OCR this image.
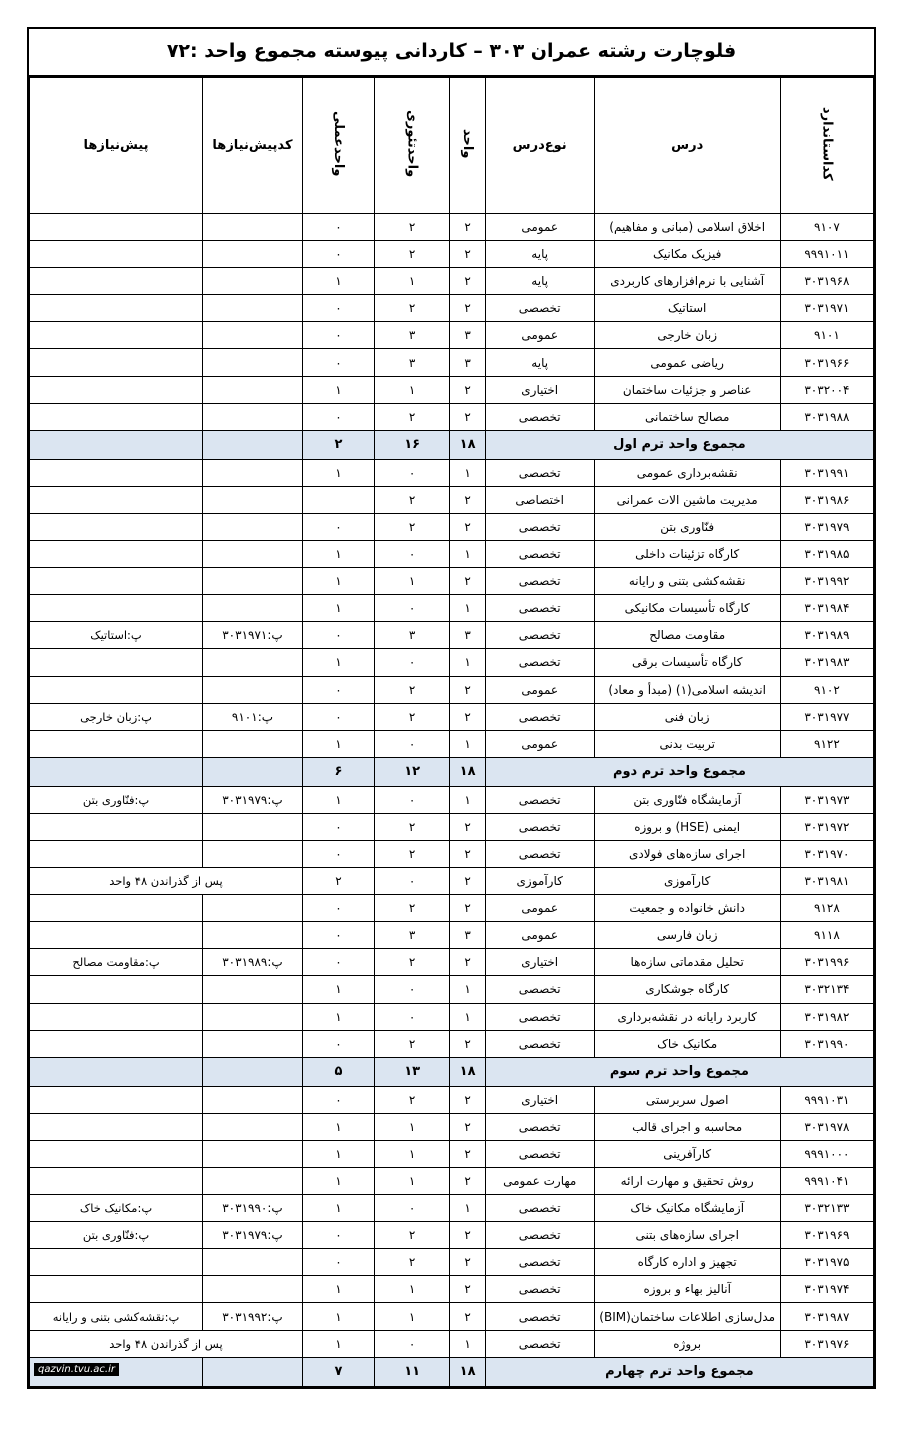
فلوچارت رشته عمران ۳۰۳ – کاردانی پیوسته مجموع واحد :۷۲
کداستاندارد	درس	نوع‌درس	واحد	واحدتئوری	واحدعملی	کدپیش‌نیازها	پیش‌نیازها
۹۱۰۷	اخلاق اسلامی (مبانی و مفاهیم)	عمومی	۲	۲	۰		
۹۹۹۱۰۱۱	فیزیک مکانیک	پایه	۲	۲	۰		
۳۰۳۱۹۶۸	آشنایی با نرم‌افزارهای کاربردی	پایه	۲	۱	۱		
۳۰۳۱۹۷۱	استاتیک	تخصصی	۲	۲	۰		
۹۱۰۱	زبان خارجی	عمومی	۳	۳	۰		
۳۰۳۱۹۶۶	ریاضی عمومی	پایه	۳	۳	۰		
۳۰۳۲۰۰۴	عناصر و جزئیات ساختمان	اختیاری	۲	۱	۱		
۳۰۳۱۹۸۸	مصالح ساختمانی	تخصصی	۲	۲	۰		
مجموع واحد ترم اول			۱۸	۱۶	۲		
۳۰۳۱۹۹۱	نقشه‌برداری عمومی	تخصصی	۱	۰	۱		
۳۰۳۱۹۸۶	مدیریت ماشین الات عمرانی	اختصاصی	۲	۲			
۳۰۳۱۹۷۹	فنّاوری بتن	تخصصی	۲	۲	۰		
۳۰۳۱۹۸۵	کارگاه تزئینات داخلی	تخصصی	۱	۰	۱		
۳۰۳۱۹۹۲	نقشه‌کشی بتنی و رایانه	تخصصی	۲	۱	۱		
۳۰۳۱۹۸۴	کارگاه تأسیسات مکانیکی	تخصصی	۱	۰	۱		
۳۰۳۱۹۸۹	مقاومت مصالح	تخصصی	۳	۳	۰	پ:۳۰۳۱۹۷۱	پ:استاتیک
۳۰۳۱۹۸۳	کارگاه تأسیسات برقی	تخصصی	۱	۰	۱		
۹۱۰۲	اندیشه اسلامی(۱) (مبدأ و معاد)	عمومی	۲	۲	۰		
۳۰۳۱۹۷۷	زبان فنی	تخصصی	۲	۲	۰	پ:۹۱۰۱	پ:زبان خارجی
۹۱۲۲	تربیت بدنی	عمومی	۱	۰	۱		
مجموع واحد ترم دوم			۱۸	۱۲	۶		
۳۰۳۱۹۷۳	آزمایشگاه فنّاوری بتن	تخصصی	۱	۰	۱	پ:۳۰۳۱۹۷۹	پ:فنّاوری بتن
۳۰۳۱۹۷۲	ایمنی (HSE) و بروزه	تخصصی	۲	۲	۰		
۳۰۳۱۹۷۰	اجرای سازه‌های فولادی	تخصصی	۲	۲	۰		
۳۰۳۱۹۸۱	کارآموزی	کارآموزی	۲	۰	۲	پس از گذراندن ۴۸ واحد	
۹۱۲۸	دانش خانواده و جمعیت	عمومی	۲	۲	۰		
۹۱۱۸	زبان فارسی	عمومی	۳	۳	۰		
۳۰۳۱۹۹۶	تحلیل مقدماتی سازه‌ها	اختیاری	۲	۲	۰	پ:۳۰۳۱۹۸۹	پ:مقاومت مصالح
۳۰۳۲۱۳۴	کارگاه جوشکاری	تخصصی	۱	۰	۱		
۳۰۳۱۹۸۲	کاربرد رایانه در نقشه‌برداری	تخصصی	۱	۰	۱		
۳۰۳۱۹۹۰	مکانیک خاک	تخصصی	۲	۲	۰		
مجموع واحد ترم سوم			۱۸	۱۳	۵		
۹۹۹۱۰۳۱	اصول سربرستی	اختیاری	۲	۲	۰		
۳۰۳۱۹۷۸	محاسبه و اجرای قالب	تخصصی	۲	۱	۱		
۹۹۹۱۰۰۰	کارآفرینی	تخصصی	۲	۱	۱		
۹۹۹۱۰۴۱	روش تحقیق و مهارت ارائه	مهارت عمومی	۲	۱	۱		
۳۰۳۲۱۳۳	آزمایشگاه مکانیک خاک	تخصصی	۱	۰	۱	پ:۳۰۳۱۹۹۰	پ:مکانیک خاک
۳۰۳۱۹۶۹	اجرای سازه‌های بتنی	تخصصی	۲	۲	۰	پ:۳۰۳۱۹۷۹	پ:فنّاوری بتن
۳۰۳۱۹۷۵	تجهیز و اداره کارگاه	تخصصی	۲	۲	۰		
۳۰۳۱۹۷۴	آنالیز بهاء و بروزه	تخصصی	۲	۱	۱		
۳۰۳۱۹۸۷	مدل‌سازی اطلاعات ساختمان(BIM)	تخصصی	۲	۱	۱	پ:۳۰۳۱۹۹۲	پ:نقشه‌کشی بتنی و رایانه
۳۰۳۱۹۷۶	بروژه	تخصصی	۱	۰	۱	پس از گذراندن ۴۸ واحد	
مجموع واحد ترم چهارم			۱۸	۱۱	۷		
qazvin.tvu.ac.ir
